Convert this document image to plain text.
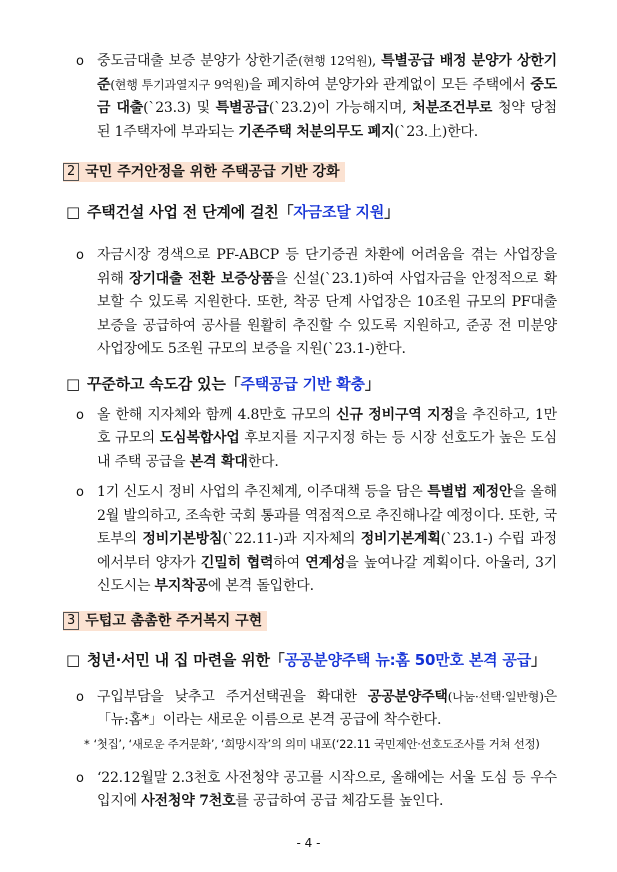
o 중도금대출 보증 분양가 상한기준(현행 12억원), 특별공급 배정 분양가 상한기준(현행 투기과열지구 9억원)을 폐지하여 분양가와 관계없이 모든 주택에서 중도금 대출(`23.3) 및 특별공급(`23.2)이 가능해지며, 처분조건부로 청약 당첨된 1주택자에 부과되는 기존주택 처분의무도 폐지(`23.上)한다.

2 국민 주거안정을 위한 주택공급 기반 강화
□ 주택건설 사업 전 단계에 걸친「자금조달 지원」
o 자금시장 경색으로 PF-ABCP 등 단기증권 차환에 어려움을 겪는 사업장을 위해 장기대출 전환 보증상품을 신설(`23.1)하여 사업자금을 안정적으로 확보할 수 있도록 지원한다. 또한, 착공 단계 사업장은 10조원 규모의 PF대출 보증을 공급하여 공사를 원활히 추진할 수 있도록 지원하고, 준공 전 미분양 사업장에도 5조원 규모의 보증을 지원(`23.1-)한다.

□ 꾸준하고 속도감 있는「주택공급 기반 확충」
o 올 한해 지자체와 함께 4.8만호 규모의 신규 정비구역 지정을 추진하고, 1만호 규모의 도심복합사업 후보지를 지구지정 하는 등 시장 선호도가 높은 도심 내 주택 공급을 본격 확대한다.

o 1기 신도시 정비 사업의 추진체계, 이주대책 등을 담은 특별법 제정안을 올해 2월 발의하고, 조속한 국회 통과를 역점적으로 추진해나갈 예정이다. 또한, 국토부의 정비기본방침(`22.11-)과 지자체의 정비기본계획(`23.1-) 수립 과정에서부터 양자가 긴밀히 협력하여 연계성을 높여나갈 계획이다. 아울러, 3기 신도시는 부지착공에 본격 돌입한다.

3 두텁고 촘촘한 주거복지 구현
□ 청년·서민 내 집 마련을 위한「공공분양주택 뉴:홈 50만호 본격 공급」
o 구입부담을 낮추고 주거선택권을 확대한 공공분양주택(나눔·선택·일반형)은 「뉴:홈*」이라는 새로운 이름으로 본격 공급에 착수한다.

* ‘첫집’, ‘새로운 주거문화’, ‘희망시작’의 의미 내포(‘22.11 국민제안·선호도조사를 거쳐 선정)
o ‘22.12월말 2.3천호 사전청약 공고를 시작으로, 올해에는 서울 도심 등 우수입지에 사전청약 7천호를 공급하여 공급 체감도를 높인다.

- 4 -
